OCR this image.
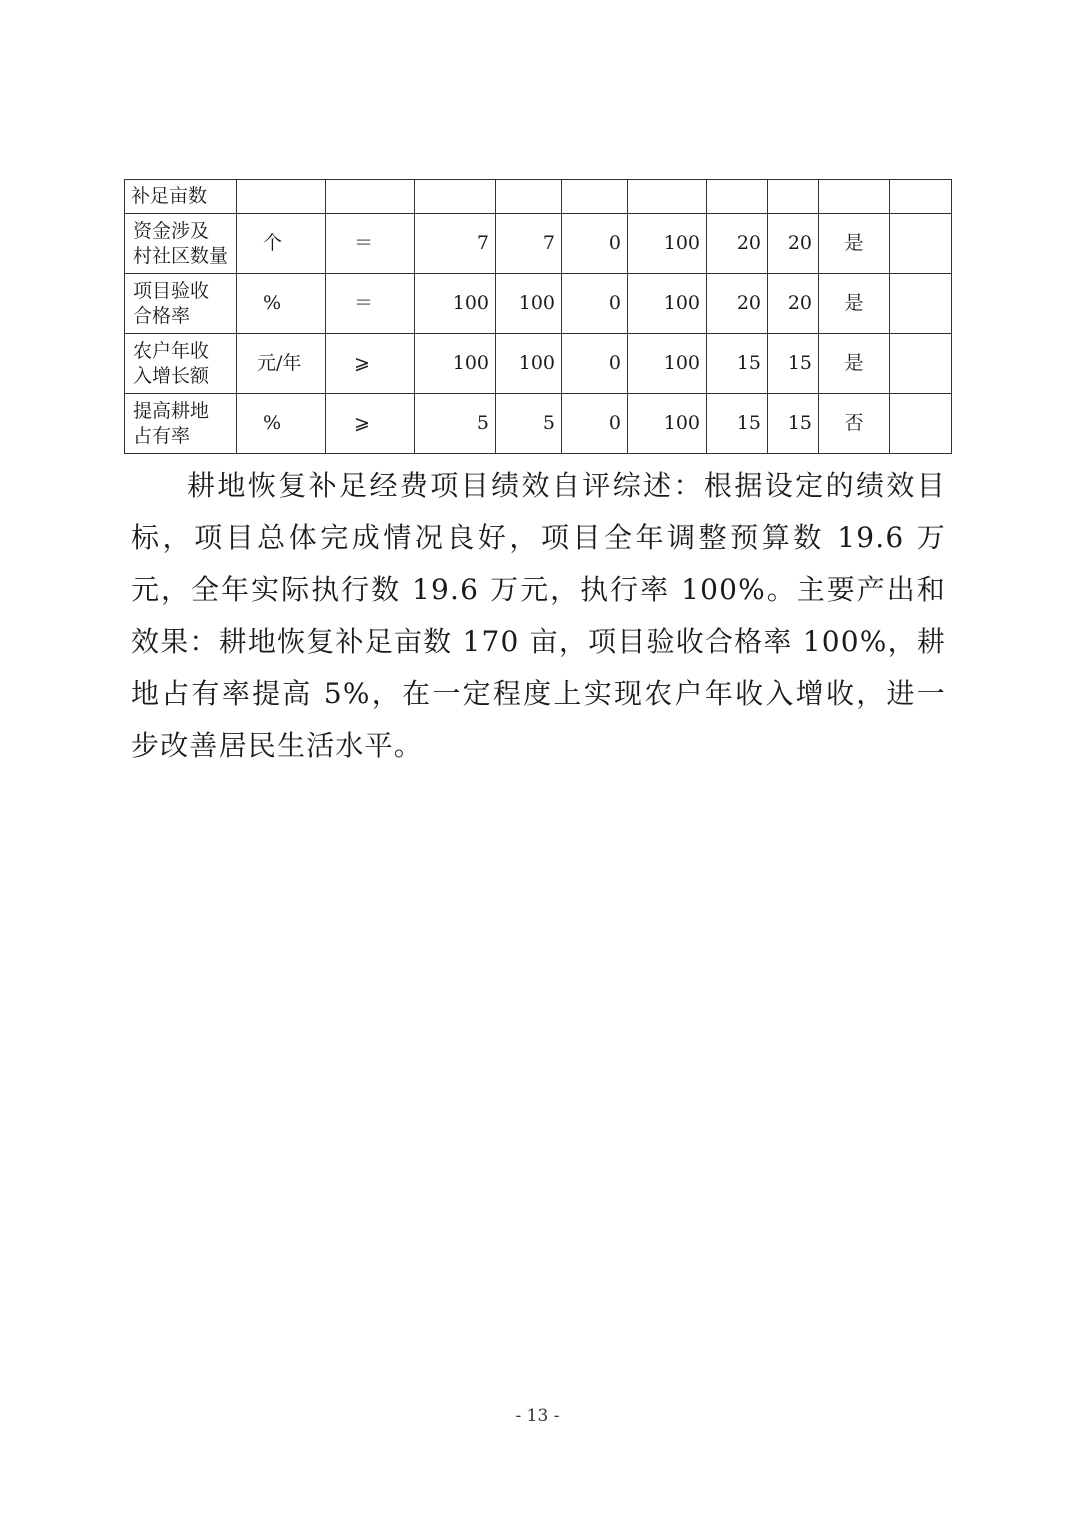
补足亩数										
资金涉及
村社区数量	个	＝	7	7	0	100	20	20	是	
项目验收
合格率	%	＝	100	100	0	100	20	20	是	
农户年收
入增长额	元/年	⩾	100	100	0	100	15	15	是	
提高耕地
占有率	%	⩾	5	5	0	100	15	15	否	

耕地恢复补足经费项目绩效自评综述：根据设定的绩效目标，项目总体完成情况良好，项目全年调整预算数 19.6 万元，全年实际执行数 19.6 万元，执行率 100%。主要产出和效果：耕地恢复补足亩数 170 亩，项目验收合格率 100%，耕地占有率提高 5%，在一定程度上实现农户年收入增收，进一步改善居民生活水平。

- 13 -
